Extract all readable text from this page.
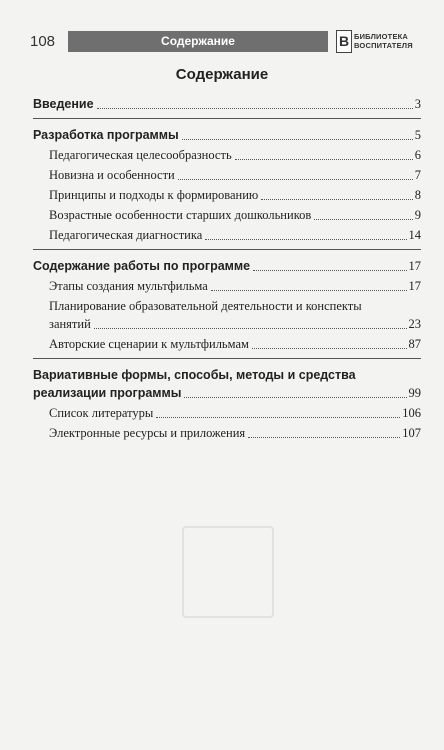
108	Содержание	В БИБЛИОТЕКА
ВОСПИТАТЕЛЯ
Содержание
Введение	3
Разработка программы	5
Педагогическая целесообразность	6
Новизна и особенности	7
Принципы и подходы к формированию	8
Возрастные особенности старших дошкольников	9
Педагогическая диагностика	14
Содержание работы по программе	17
Этапы создания мультфильма	17
Планирование образовательной деятельности и конспекты
занятий	23
Авторские сценарии к мультфильмам	87
Вариативные формы, способы, методы и средства
реализации программы	99
Список литературы	106
Электронные ресурсы и приложения	107
